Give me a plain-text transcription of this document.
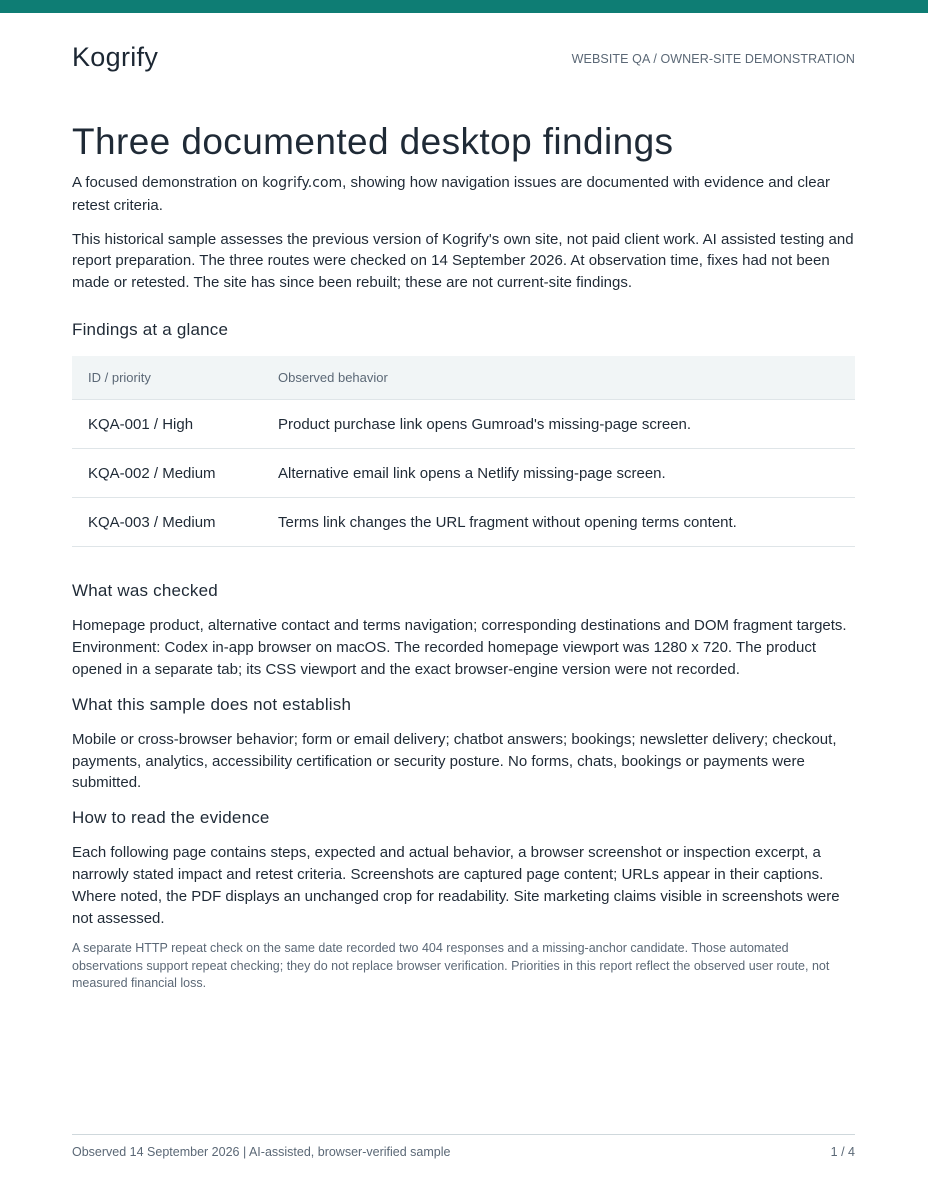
Kogrify	WEBSITE QA / OWNER-SITE DEMONSTRATION
Three documented desktop findings

A focused demonstration on kogrify.com, showing how navigation issues are documented with evidence and clear retest criteria.

This historical sample assesses the previous version of Kogrify's own site, not paid client work. AI assisted testing and report preparation. The three routes were checked on 14 September 2026. At observation time, fixes had not been made or retested. The site has since been rebuilt; these are not current-site findings.

Findings at a glance
ID / priority	Observed behavior
KQA-001 / High	Product purchase link opens Gumroad's missing-page screen.
KQA-002 / Medium	Alternative email link opens a Netlify missing-page screen.
KQA-003 / Medium	Terms link changes the URL fragment without opening terms content.
What was checked

Homepage product, alternative contact and terms navigation; corresponding destinations and DOM fragment targets. Environment: Codex in-app browser on macOS. The recorded homepage viewport was 1280 x 720. The product opened in a separate tab; its CSS viewport and the exact browser-engine version were not recorded.

What this sample does not establish

Mobile or cross-browser behavior; form or email delivery; chatbot answers; bookings; newsletter delivery; checkout, payments, analytics, accessibility certification or security posture. No forms, chats, bookings or payments were submitted.

How to read the evidence

Each following page contains steps, expected and actual behavior, a browser screenshot or inspection excerpt, a narrowly stated impact and retest criteria. Screenshots are captured page content; URLs appear in their captions. Where noted, the PDF displays an unchanged crop for readability. Site marketing claims visible in screenshots were not assessed.

A separate HTTP repeat check on the same date recorded two 404 responses and a missing-anchor candidate. Those automated observations support repeat checking; they do not replace browser verification. Priorities in this report reflect the observed user route, not measured financial loss.

Observed 14 September 2026 | AI-assisted, browser-verified sample	1 / 4
